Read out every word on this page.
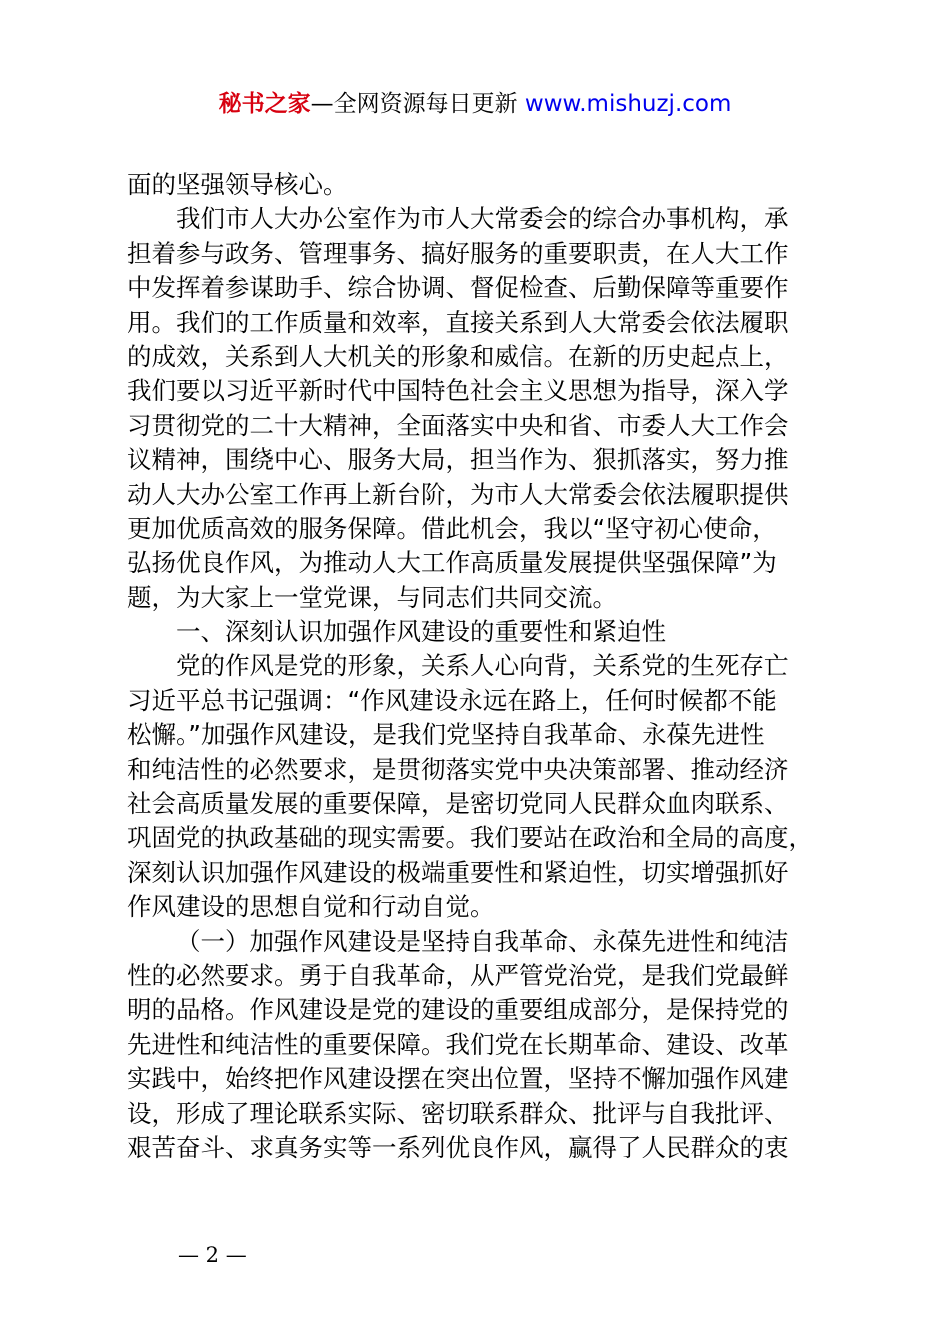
秘书之家—全网资源每日更新 www.mishuzj.com
面的坚强领导核心。
我们市人大办公室作为市人大常委会的综合办事机构，承
担着参与政务、管理事务、搞好服务的重要职责，在人大工作
中发挥着参谋助手、综合协调、督促检查、后勤保障等重要作
用。我们的工作质量和效率，直接关系到人大常委会依法履职
的成效，关系到人大机关的形象和威信。在新的历史起点上，
我们要以习近平新时代中国特色社会主义思想为指导，深入学
习贯彻党的二十大精神，全面落实中央和省、市委人大工作会
议精神，围绕中心、服务大局，担当作为、狠抓落实，努力推
动人大办公室工作再上新台阶，为市人大常委会依法履职提供
更加优质高效的服务保障。借此机会，我以“坚守初心使命，
弘扬优良作风，为推动人大工作高质量发展提供坚强保障”为
题，为大家上一堂党课，与同志们共同交流。
一、深刻认识加强作风建设的重要性和紧迫性
党的作风是党的形象，关系人心向背，关系党的生死存亡
习近平总书记强调：“作风建设永远在路上，任何时候都不能
松懈。”加强作风建设，是我们党坚持自我革命、永葆先进性
和纯洁性的必然要求，是贯彻落实党中央决策部署、推动经济
社会高质量发展的重要保障，是密切党同人民群众血肉联系、
巩固党的执政基础的现实需要。我们要站在政治和全局的高度，
深刻认识加强作风建设的极端重要性和紧迫性，切实增强抓好
作风建设的思想自觉和行动自觉。
（一）加强作风建设是坚持自我革命、永葆先进性和纯洁
性的必然要求。勇于自我革命，从严管党治党，是我们党最鲜
明的品格。作风建设是党的建设的重要组成部分，是保持党的
先进性和纯洁性的重要保障。我们党在长期革命、建设、改革
实践中，始终把作风建设摆在突出位置，坚持不懈加强作风建
设，形成了理论联系实际、密切联系群众、批评与自我批评、
艰苦奋斗、求真务实等一系列优良作风，赢得了人民群众的衷
— 2 —
